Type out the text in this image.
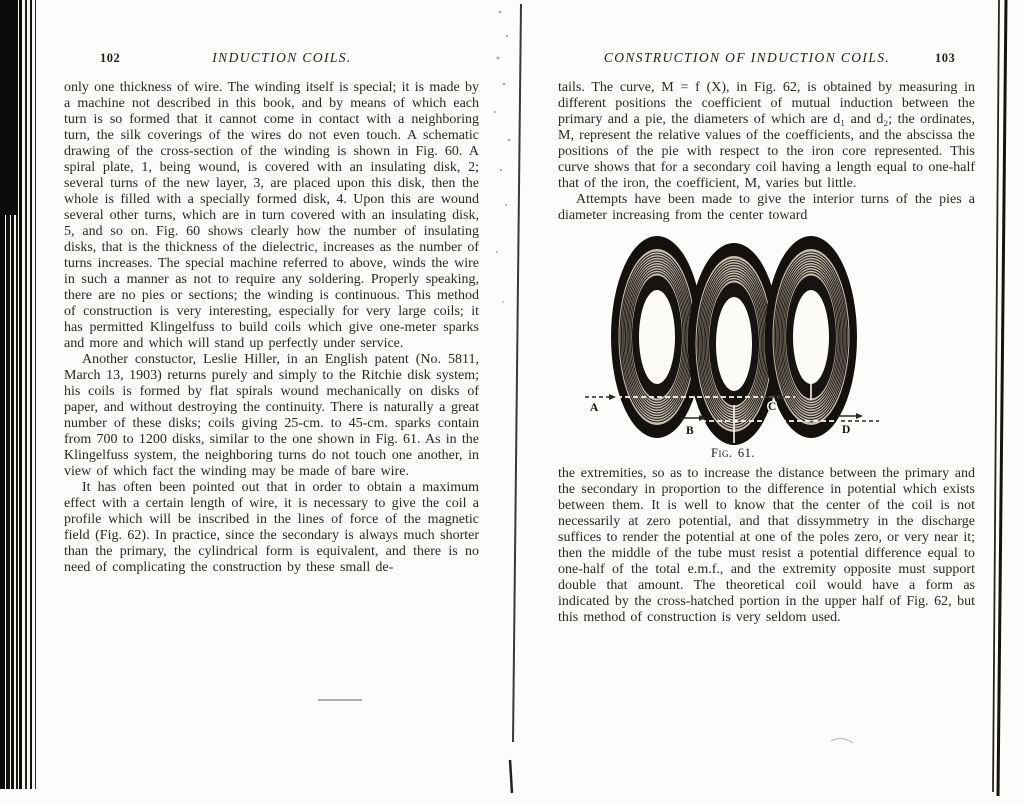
102	INDUCTION COILS.

only one thickness of wire. The winding itself is special; it is made by a machine not described in this book, and by means of which each turn is so formed that it cannot come in contact with a neighboring turn, the silk coverings of the wires do not even touch. A schematic drawing of the cross-section of the winding is shown in Fig. 60. A spiral plate, 1, being wound, is covered with an insulating disk, 2; several turns of the new layer, 3, are placed upon this disk, then the whole is filled with a specially formed disk, 4. Upon this are wound several other turns, which are in turn covered with an insulating disk, 5, and so on. Fig. 60 shows clearly how the number of insulating disks, that is the thickness of the dielectric, increases as the number of turns increases. The special machine referred to above, winds the wire in such a manner as not to require any soldering. Properly speaking, there are no pies or sections; the winding is continuous. This method of construction is very interesting, especially for very large coils; it has permitted Klingelfuss to build coils which give one-meter sparks and more and which will stand up perfectly under service.

Another constuctor, Leslie Hiller, in an English patent (No. 5811, March 13, 1903) returns purely and simply to the Ritchie disk system; his coils is formed by flat spirals wound mechanically on disks of paper, and without destroying the continuity. There is naturally a great number of these disks; coils giving 25-cm. to 45-cm. sparks contain from 700 to 1200 disks, similar to the one shown in Fig. 61. As in the Klingelfuss system, the neighboring turns do not touch one another, in view of which fact the winding may be made of bare wire.

It has often been pointed out that in order to obtain a maximum effect with a certain length of wire, it is necessary to give the coil a profile which will be inscribed in the lines of force of the magnetic field (Fig. 62). In practice, since the secondary is always much shorter than the primary, the cylindrical form is equivalent, and there is no need of complicating the construction by these small de-

CONSTRUCTION OF INDUCTION COILS.	103

tails. The curve, M = f (X), in Fig. 62, is obtained by measuring in different positions the coefficient of mutual induction between the primary and a pie, the diameters of which are d₁ and d₂; the ordinates, M, represent the relative values of the coefficients, and the abscissa the positions of the pie with respect to the iron core represented. This curve shows that for a secondary coil having a length equal to one-half that of the iron, the coefficient, M, varies but little.

Attempts have been made to give the interior turns of the pies a diameter increasing from the center toward

A
B
C
D
Fig. 61.

the extremities, so as to increase the distance between the primary and the secondary in proportion to the difference in potential which exists between them. It is well to know that the center of the coil is not necessarily at zero potential, and that dissymmetry in the discharge suffices to render the potential at one of the poles zero, or very near it; then the middle of the tube must resist a potential difference equal to one-half of the total e.m.f., and the extremity opposite must support double that amount. The theoretical coil would have a form as indicated by the cross-hatched portion in the upper half of Fig. 62, but this method of construction is very seldom used.
